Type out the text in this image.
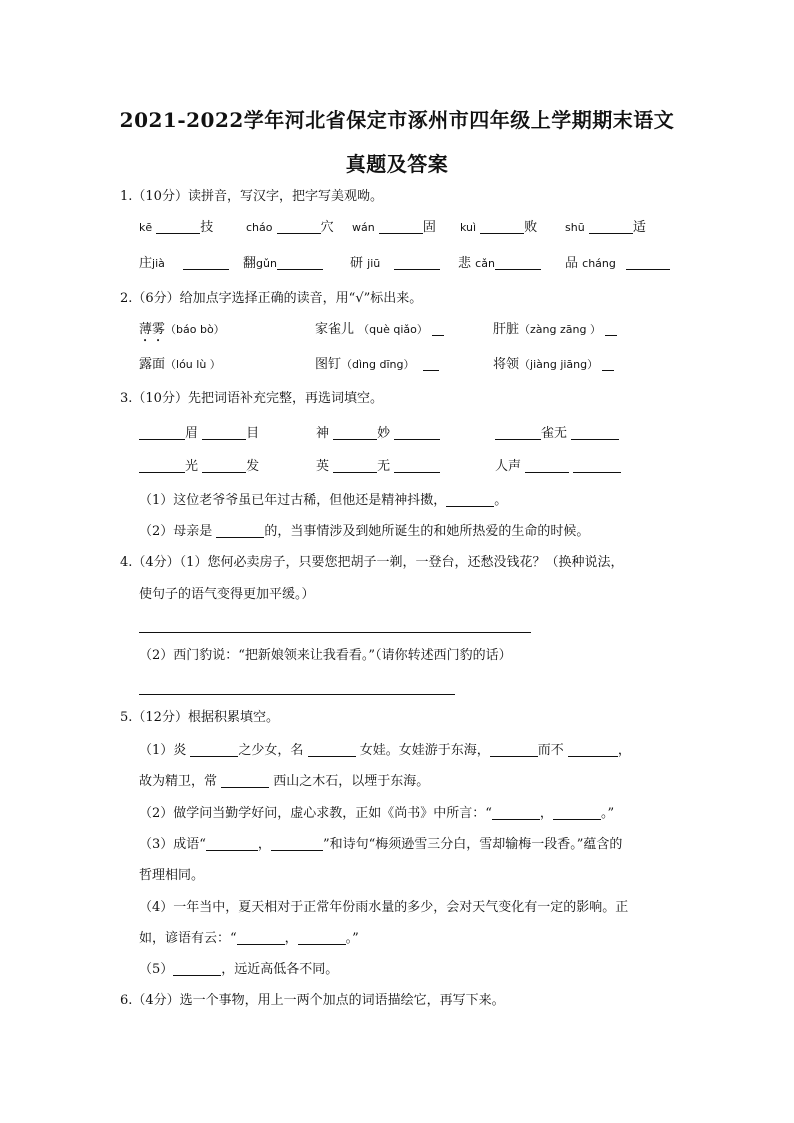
2021-2022学年河北省保定市涿州市四年级上学期期末语文
真题及答案
1.（10分）读拼音，写汉字，把字写美观呦。
kē	技	cháo	穴 wán	固 kuì	败	shū	适
庄jià	翻gǔn	研 jiū	悲 cǎn	品 cháng
2.（6分）给加点字选择正确的读音，用“√”标出来。
薄雾（báo bò）	家雀儿 （què qiǎo）	肝脏（zàng zāng ）
露面（lóu lù ）	图钉（dìng dīng）	将领（jiàng jiāng）
3.（10分）先把词语补充完整，再选词填空。
眉	目	神	妙	雀无
光	发	英	无	人声
（1）这位老爷爷虽已年过古稀，但他还是精神抖擞，	。
（2）母亲是	的，当事情涉及到她所诞生的和她所热爱的生命的时候。
4.（4分）（1）您何必卖房子，只要您把胡子一剃，一登台，还愁没钱花？（换种说法，
使句子的语气变得更加平缓。）
（2）西门豹说：“把新娘领来让我看看。”（请你转述西门豹的话）
5.（12分）根据积累填空。
（1）炎	之少女，名	女娃。女娃游于东海，	而不	，
故为精卫，常	西山之木石，以堙于东海。
（2）做学问当勤学好问，虚心求教，正如《尚书》中所言：“	，	。”
（3）成语“	，	”和诗句“梅须逊雪三分白，雪却输梅一段香。”蕴含的
哲理相同。
（4）一年当中，夏天相对于正常年份雨水量的多少，会对天气变化有一定的影响。正
如，谚语有云：“	，	。”
（5）	，远近高低各不同。
6.（4分）选一个事物，用上一两个加点的词语描绘它，再写下来。
